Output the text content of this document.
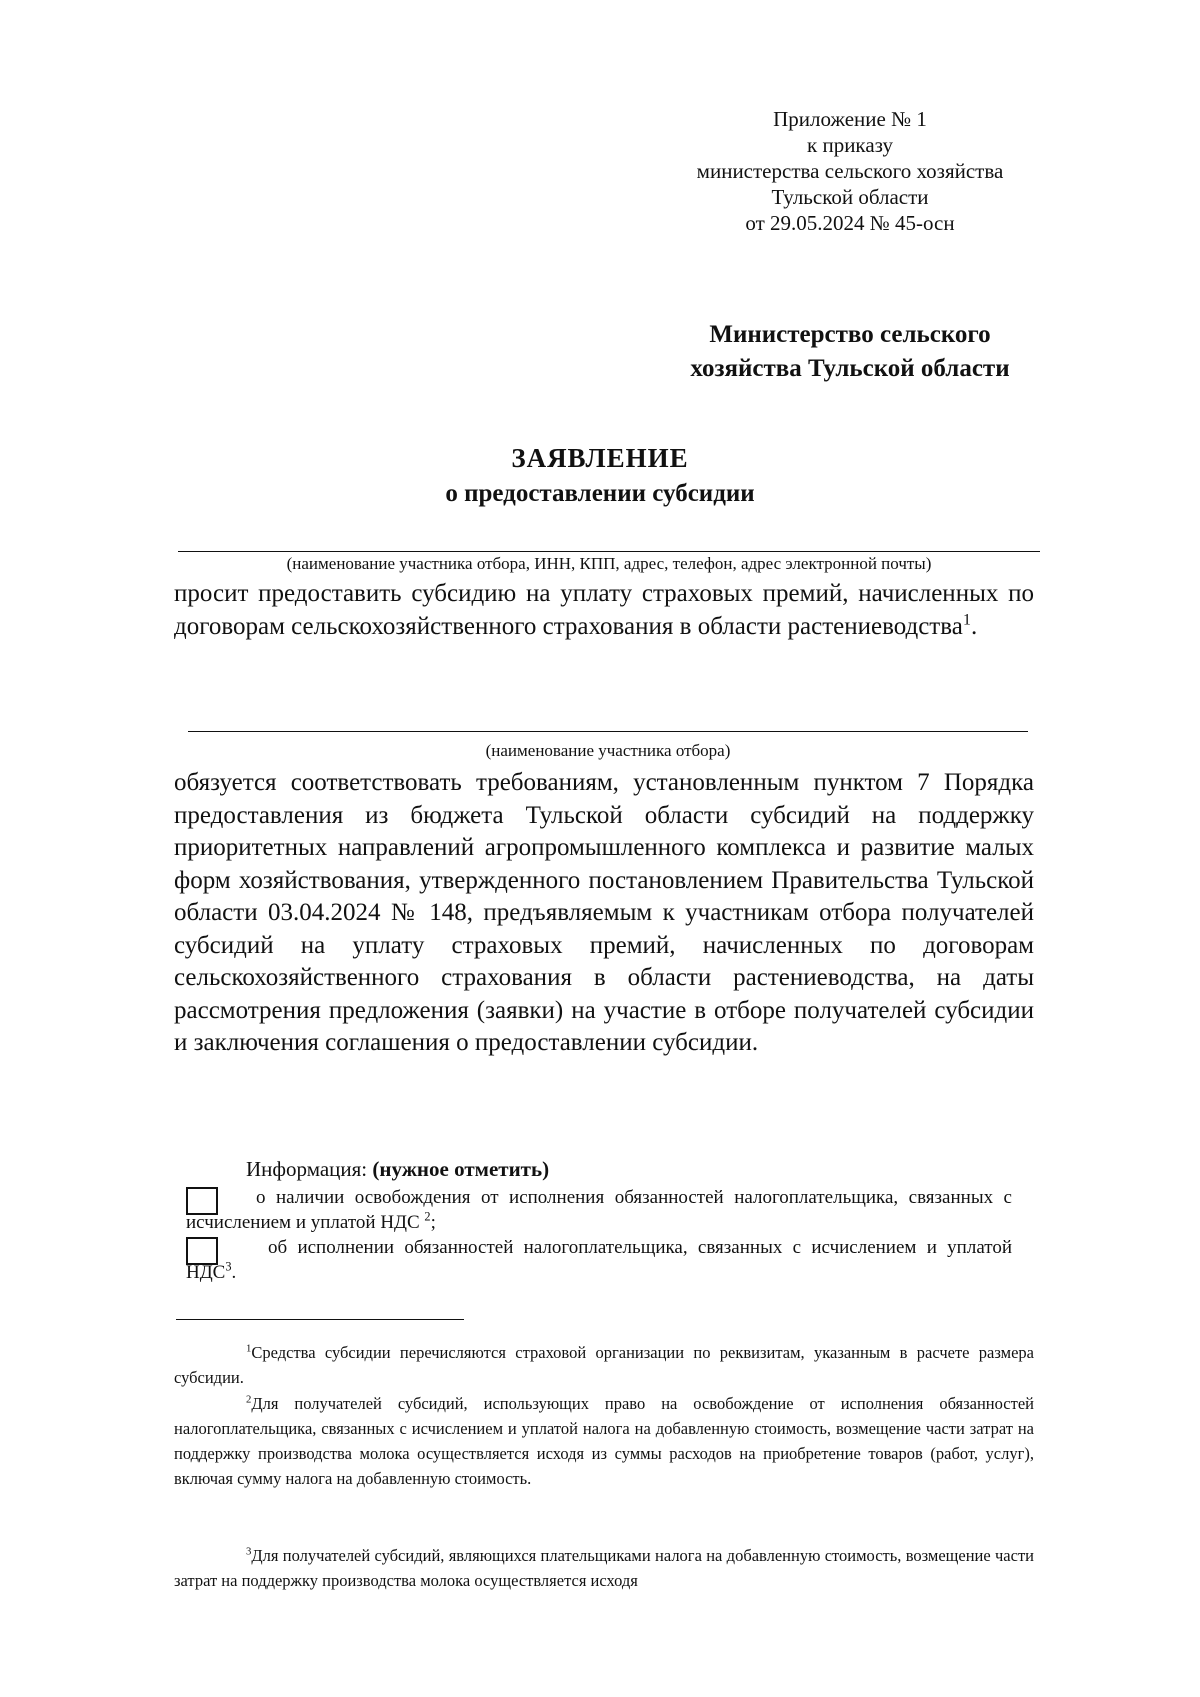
Приложение № 1
к приказу
министерства сельского хозяйства
Тульской области
от 29.05.2024 № 45-осн
Министерство сельского
хозяйства Тульской области
ЗАЯВЛЕНИЕ
о предоставлении субсидии
(наименование участника отбора, ИНН, КПП, адрес, телефон, адрес электронной почты)
просит предоставить субсидию на уплату страховых премий, начисленных по договорам сельскохозяйственного страхования в области растениеводства$^1$.
(наименование участника отбора)
обязуется соответствовать требованиям, установленным пунктом 7 Порядка предоставления из бюджета Тульской области субсидий на поддержку приоритетных направлений агропромышленного комплекса и развитие малых форм хозяйствования, утвержденного постановлением Правительства Тульской области 03.04.2024 № 148, предъявляемым к участникам отбора получателей субсидий на уплату страховых премий, начисленных по договорам сельскохозяйственного страхования в области растениеводства, на даты рассмотрения предложения (заявки) на участие в отборе получателей субсидии и заключения соглашения о предоставлении субсидии.
Информация: (нужное отметить)
о наличии освобождения от исполнения обязанностей налогоплательщика, связанных с исчислением и уплатой НДС $^2$;
об исполнении обязанностей налогоплательщика, связанных с исчислением и уплатой НДС$^3$.
$^1$Средства субсидии перечисляются страховой организации по реквизитам, указанным в расчете размера субсидии.
$^2$Для получателей субсидий, использующих право на освобождение от исполнения обязанностей налогоплательщика, связанных с исчислением и уплатой налога на добавленную стоимость, возмещение части затрат на поддержку производства молока осуществляется исходя из суммы расходов на приобретение товаров (работ, услуг), включая сумму налога на добавленную стоимость.
$^3$Для получателей субсидий, являющихся плательщиками налога на добавленную стоимость, возмещение части затрат на поддержку производства молока осуществляется исходя
